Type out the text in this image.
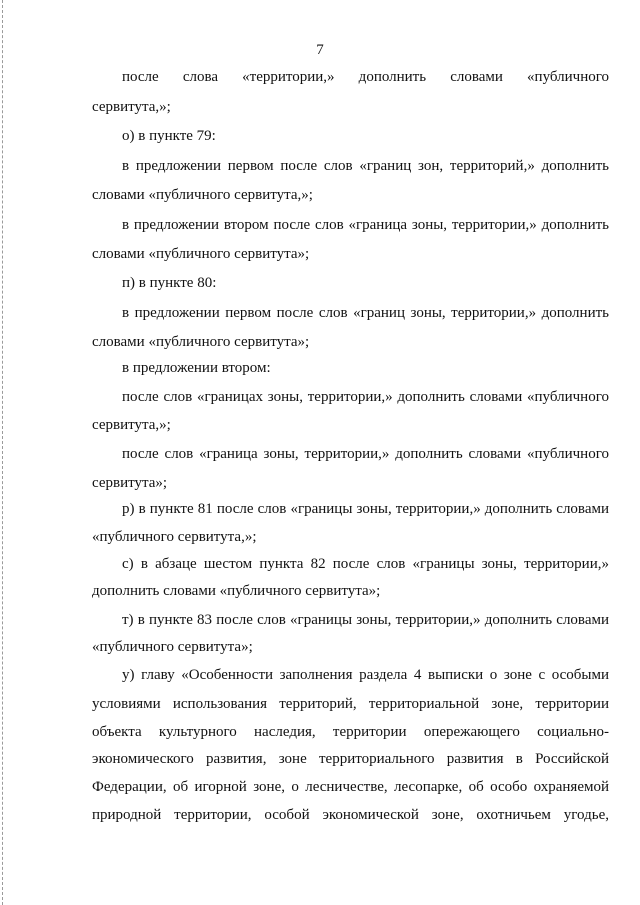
7
после слова «территории,» дополнить словами «публичного
сервитута,»;
о) в пункте 79:
в предложении первом после слов «границ зон, территорий,» дополнить
словами «публичного сервитута,»;
в предложении втором после слов «граница зоны, территории,» дополнить
словами «публичного сервитута»;
п) в пункте 80:
в предложении первом после слов «границ зоны, территории,» дополнить
словами «публичного сервитута»;
в предложении втором:
после слов «границах зоны, территории,» дополнить словами «публичного
сервитута,»;
после слов «граница зоны, территории,» дополнить словами «публичного
сервитута»;
р) в пункте 81 после слов «границы зоны, территории,» дополнить словами
«публичного сервитута,»;
с) в абзаце шестом пункта 82 после слов «границы зоны, территории,»
дополнить словами «публичного сервитута»;
т) в пункте 83 после слов «границы зоны, территории,» дополнить словами
«публичного сервитута»;
у) главу «Особенности заполнения раздела 4 выписки о зоне с особыми
условиями использования территорий, территориальной зоне, территории
объекта культурного наследия, территории опережающего социально-
экономического развития, зоне территориального развития в Российской
Федерации, об игорной зоне, о лесничестве, лесопарке, об особо охраняемой
природной территории, особой экономической зоне, охотничьем угодье,
